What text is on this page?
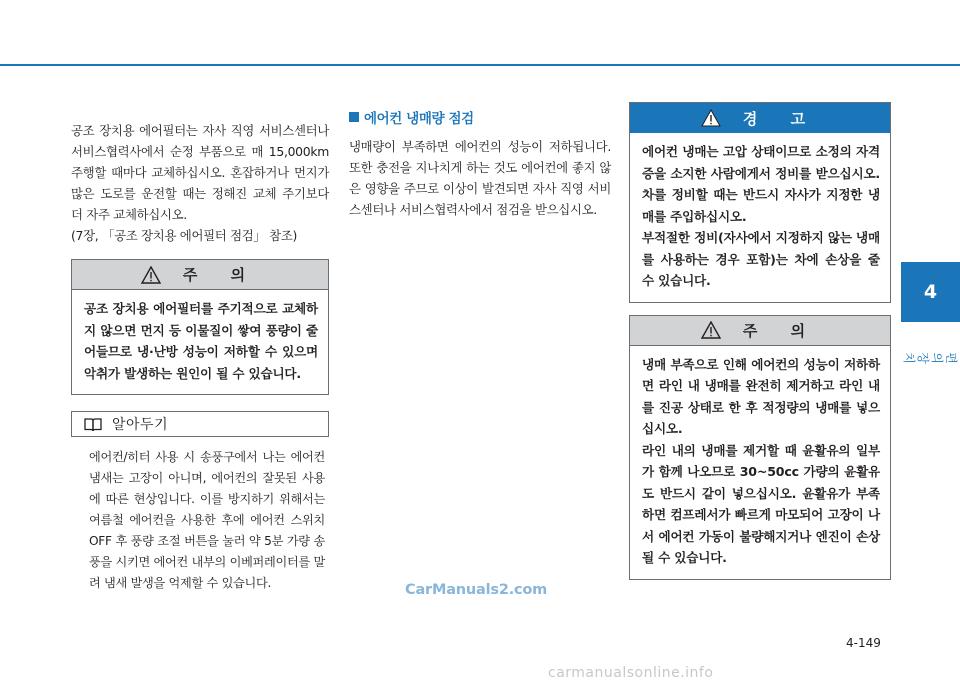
공조 장치용 에어필터는 자사 직영 서비스센터나 서비스협력사에서 순정 부품으로 매 15,000km 주행할 때마다 교체하십시오. 혼잡하거나 먼지가 많은 도로를 운전할 때는 정해진 교체 주기보다 더 자주 교체하십시오.

(7장, 「공조 장치용 에어필터 점검」 참조)

주 의

공조 장치용 에어필터를 주기적으로 교체하지 않으면 먼지 등 이물질이 쌓여 풍량이 줄어들므로 냉·난방 성능이 저하할 수 있으며 악취가 발생하는 원인이 될 수 있습니다.

알아두기

에어컨/히터 사용 시 송풍구에서 나는 에어컨 냄새는 고장이 아니며, 에어컨의 잘못된 사용에 따른 현상입니다. 이를 방지하기 위해서는 여름철 에어컨을 사용한 후에 에어컨 스위치 OFF 후 풍량 조절 버튼을 눌러 약 5분 가량 송풍을 시키면 에어컨 내부의 이베퍼레이터를 말려 냄새 발생을 억제할 수 있습니다.

에어컨 냉매량 점검

냉매량이 부족하면 에어컨의 성능이 저하됩니다. 또한 충전을 지나치게 하는 것도 에어컨에 좋지 않은 영향을 주므로 이상이 발견되면 자사 직영 서비스센터나 서비스협력사에서 점검을 받으십시오.

경 고

에어컨 냉매는 고압 상태이므로 소정의 자격증을 소지한 사람에게서 정비를 받으십시오. 차를 정비할 때는 반드시 자사가 지정한 냉매를 주입하십시오.

부적절한 정비(자사에서 지정하지 않는 냉매를 사용하는 경우 포함)는 차에 손상을 줄 수 있습니다.

주 의

냉매 부족으로 인해 에어컨의 성능이 저하하면 라인 내 냉매를 완전히 제거하고 라인 내를 진공 상태로 한 후 적정량의 냉매를 넣으십시오.

라인 내의 냉매를 제거할 때 윤활유의 일부가 함께 나오므로 30~50cc 가량의 윤활유도 반드시 같이 넣으십시오. 윤활유가 부족하면 컴프레서가 빠르게 마모되어 고장이 나서 에어컨 가동이 불량해지거나 엔진이 손상될 수 있습니다.

4
편의 장치
4-149
CarManuals2.com
carmanualsonline.info
